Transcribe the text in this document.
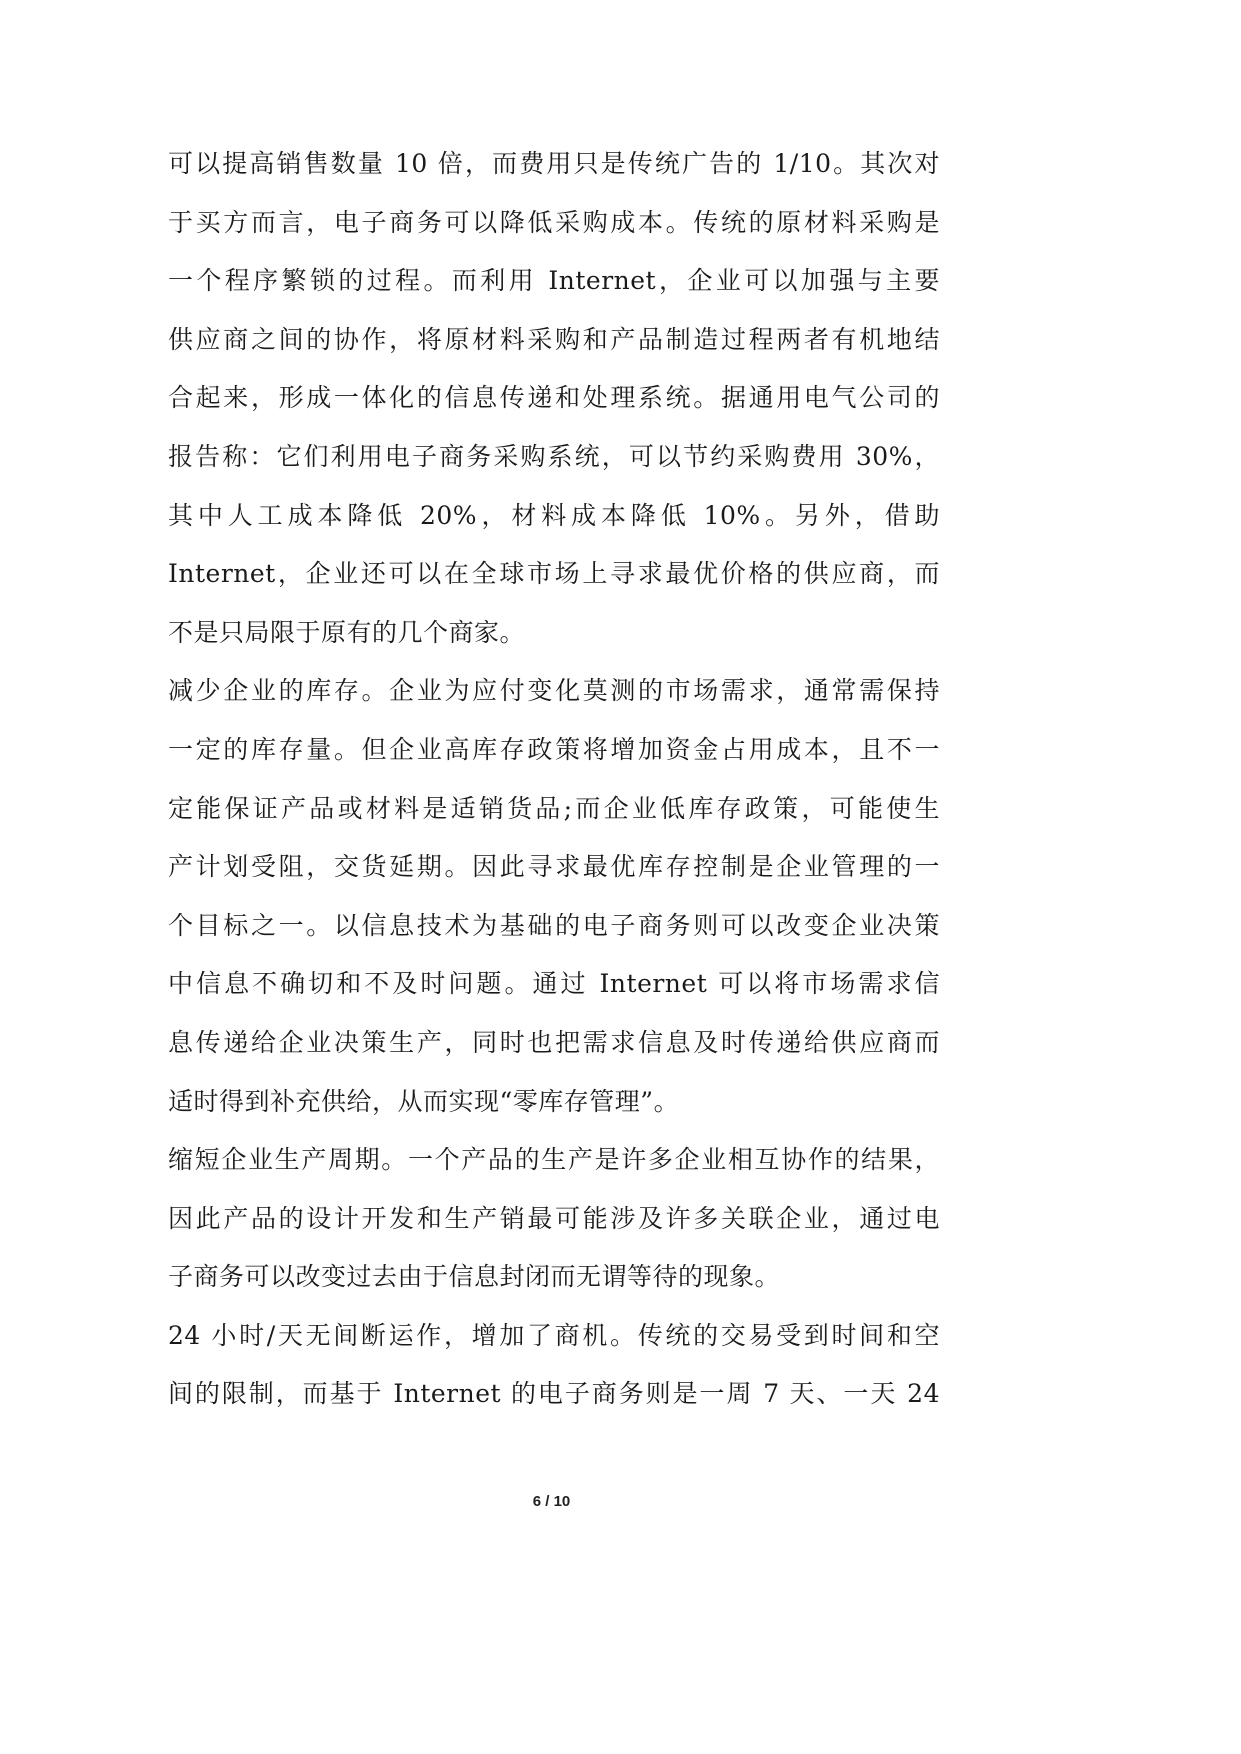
可以提高销售数量 10 倍，而费用只是传统广告的 1/10。其次对
于买方而言，电子商务可以降低采购成本。传统的原材料采购是
一个程序繁锁的过程。而利用 Internet，企业可以加强与主要
供应商之间的协作，将原材料采购和产品制造过程两者有机地结
合起来，形成一体化的信息传递和处理系统。据通用电气公司的
报告称：它们利用电子商务采购系统，可以节约采购费用 30%，
其中人工成本降低 20%，材料成本降低 10%。另外，借助
Internet，企业还可以在全球市场上寻求最优价格的供应商，而
不是只局限于原有的几个商家。
减少企业的库存。企业为应付变化莫测的市场需求，通常需保持
一定的库存量。但企业高库存政策将增加资金占用成本，且不一
定能保证产品或材料是适销货品;而企业低库存政策，可能使生
产计划受阻，交货延期。因此寻求最优库存控制是企业管理的一
个目标之一。以信息技术为基础的电子商务则可以改变企业决策
中信息不确切和不及时问题。通过 Internet 可以将市场需求信
息传递给企业决策生产，同时也把需求信息及时传递给供应商而
适时得到补充供给，从而实现“零库存管理”。
缩短企业生产周期。一个产品的生产是许多企业相互协作的结果，
因此产品的设计开发和生产销最可能涉及许多关联企业，通过电
子商务可以改变过去由于信息封闭而无谓等待的现象。
24 小时/天无间断运作，增加了商机。传统的交易受到时间和空
间的限制，而基于 Internet 的电子商务则是一周 7 天、一天 24
6 / 10
